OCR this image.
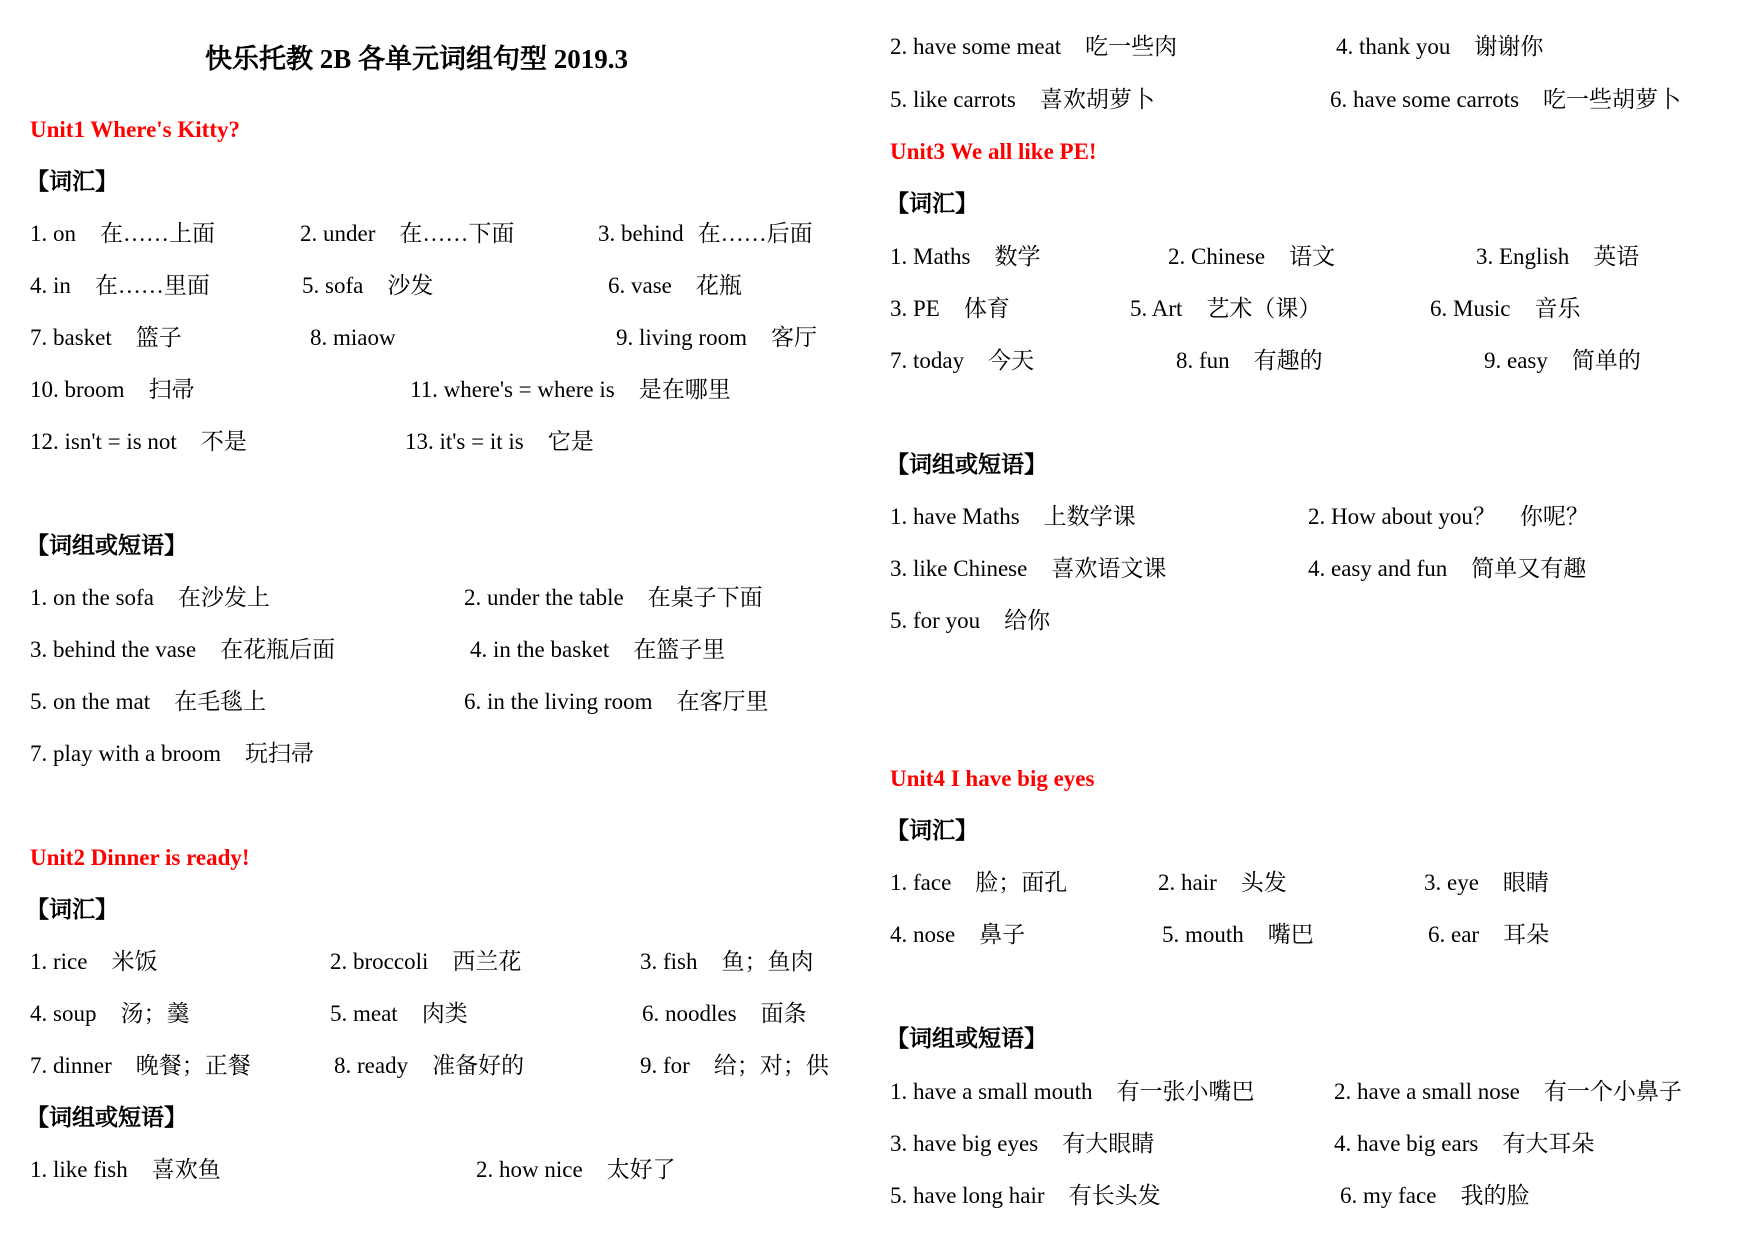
快乐托教 2B 各单元词组句型 2019.3
Unit1 Where's Kitty?
【词汇】
1. on 在……上面	2. under 在……下面	3. behind 在……后面
4. in 在……里面	5. sofa 沙发	6. vase 花瓶
7. basket 篮子	8. miaow	9. living room 客厅
10. broom 扫帚	11. where's = where is 是在哪里
12. isn't = is not 不是	13. it's = it is 它是
【词组或短语】
1. on the sofa 在沙发上	2. under the table 在桌子下面
3. behind the vase 在花瓶后面	4. in the basket 在篮子里
5. on the mat 在毛毯上	6. in the living room 在客厅里
7. play with a broom 玩扫帚
Unit2 Dinner is ready!
【词汇】
1. rice 米饭	2. broccoli 西兰花	3. fish 鱼；鱼肉
4. soup 汤；羹	5. meat 肉类	6. noodles 面条
7. dinner 晚餐；正餐	8. ready 准备好的	9. for 给；对；供
【词组或短语】
1. like fish 喜欢鱼	2. how nice 太好了
2. have some meat 吃一些肉	4. thank you 谢谢你
5. like carrots 喜欢胡萝卜	6. have some carrots 吃一些胡萝卜
Unit3 We all like PE!
【词汇】
1. Maths 数学	2. Chinese 语文	3. English 英语
3. PE 体育	5. Art 艺术（课）	6. Music 音乐
7. today 今天	8. fun 有趣的	9. easy 简单的
【词组或短语】
1. have Maths 上数学课	2. How about you？ 你呢？
3. like Chinese 喜欢语文课	4. easy and fun 简单又有趣
5. for you 给你
Unit4 I have big eyes
【词汇】
1. face 脸；面孔	2. hair 头发	3. eye 眼睛
4. nose 鼻子	5. mouth 嘴巴	6. ear 耳朵
【词组或短语】
1. have a small mouth 有一张小嘴巴	2. have a small nose 有一个小鼻子
3. have big eyes 有大眼睛	4. have big ears 有大耳朵
5. have long hair 有长头发	6. my face 我的脸
